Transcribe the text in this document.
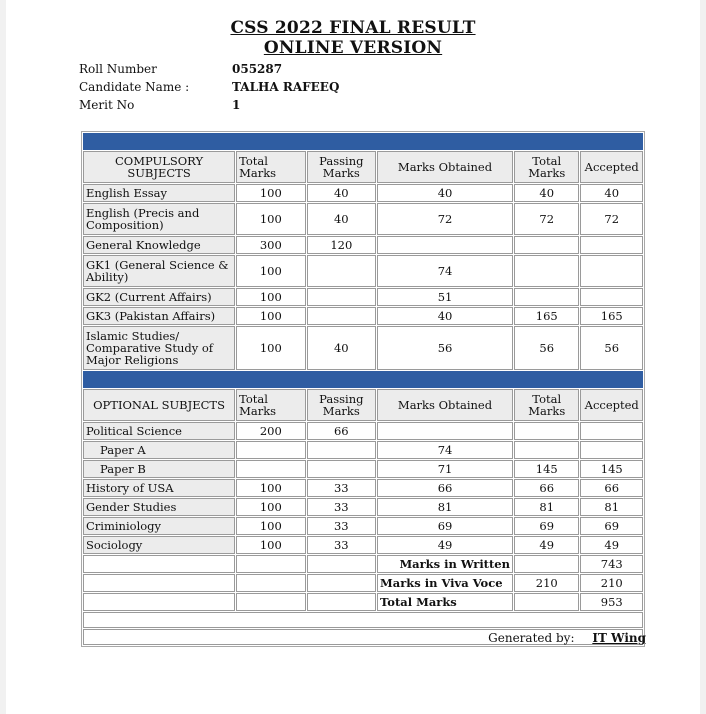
CSS 2022 FINAL RESULT
ONLINE VERSION
Roll Number	055287
Candidate Name :	TALHA RAFEEQ
Merit No	1

COMPULSORY SUBJECTS	Total Marks	Passing Marks	Marks Obtained	Total Marks	Accepted
English Essay	100	40	40	40	40
English (Precis and Composition)	100	40	72	72	72
General Knowledge	300	120			
GK1 (General Science & Ability)	100		74		
GK2 (Current Affairs)	100		51		
GK3 (Pakistan Affairs)	100		40	165	165
Islamic Studies/ Comparative Study of Major Religions	100	40	56	56	56

OPTIONAL SUBJECTS	Total Marks	Passing Marks	Marks Obtained	Total Marks	Accepted
Political Science	200	66			
Paper A			74		
Paper B			71	145	145
History of USA	100	33	66	66	66
Gender Studies	100	33	81	81	81
Criminiology	100	33	69	69	69
Sociology	100	33	49	49	49
			Marks in Written		743
			Marks in Viva Voce	210	210
			Total Marks		953

Generated by: IT Wing
